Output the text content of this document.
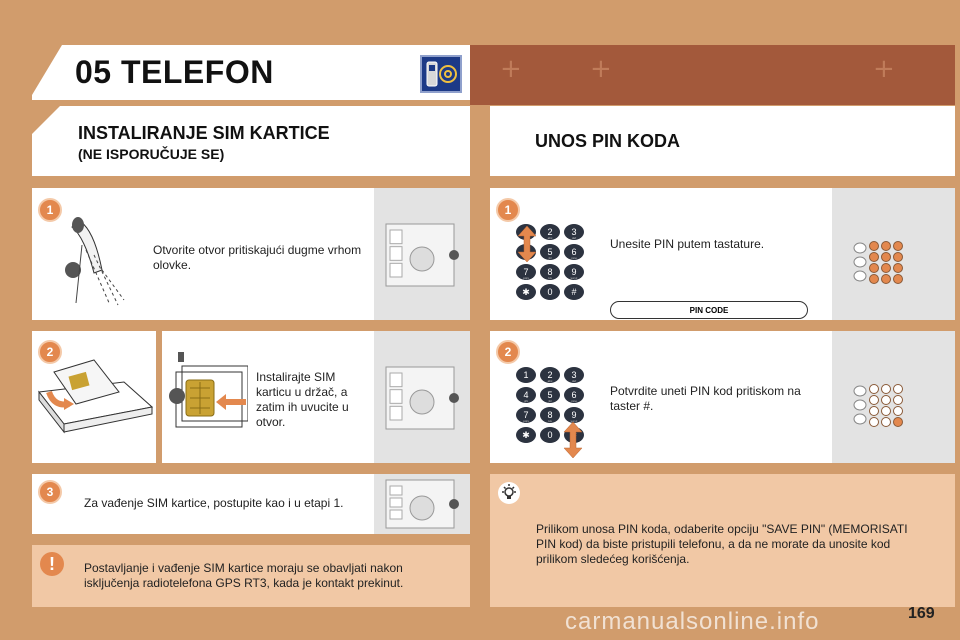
+	+	+
05 TELEFON
INSTALIRANJE SIM KARTICE
(NE ISPORUČUJE SE)
UNOS PIN KODA
1
Otvorite otvor pritiskajući dugme vrhom olovke.
2
Instalirajte SIM karticu u držač, a zatim ih uvucite u otvor.
3
Za vađenje SIM kartice, postupite kao i u etapi 1.
!	Postavljanje i vađenje SIM kartice moraju se obavljati nakon isključenja radiotelefona GPS RT3, kada je kontakt prekinut.
1
2
abc
3
def
5
jkl
6
mno
7
pqrs
8
tuv
9
wxyz
✱ 0 #
Unesite PIN putem tastature.
PIN CODE
2
1 2
abc
3
def
4
ghi
5
jkl
6
mno
7
pqrs
8
tuv
9
wxyz
✱ 0
Potvrdite uneti PIN kod pritiskom na taster #.
Prilikom unosa PIN koda, odaberite opciju "SAVE PIN" (MEMORISATI PIN kod) da biste pristupili telefonu, a da ne morate da unosite kod prilikom sledećeg korišćenja.
169
carmanualsonline.info
